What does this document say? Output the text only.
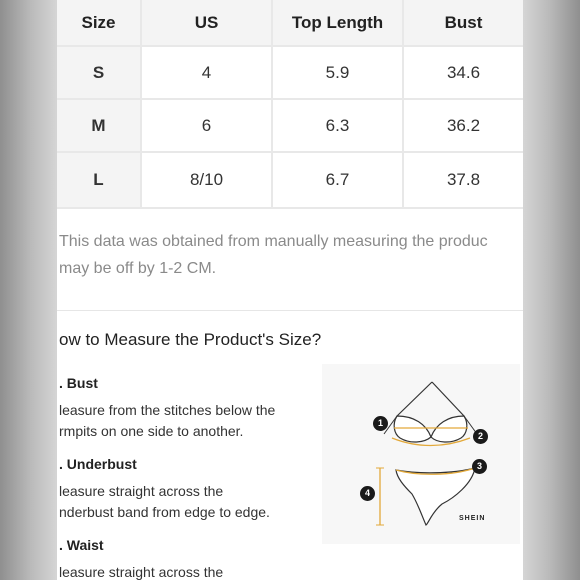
Size	US	Top Length	Bust
S	4	5.9	34.6
M	6	6.3	36.2
L	8/10	6.7	37.8
This data was obtained from manually measuring the produc
may be off by 1-2 CM.
ow to Measure the Product's Size?
. Bust
leasure from the stitches below the
rmpits on one side to another.
. Underbust
leasure straight across the
nderbust band from edge to edge.
. Waist
leasure straight across the
1
2
3
4
SHEIN
